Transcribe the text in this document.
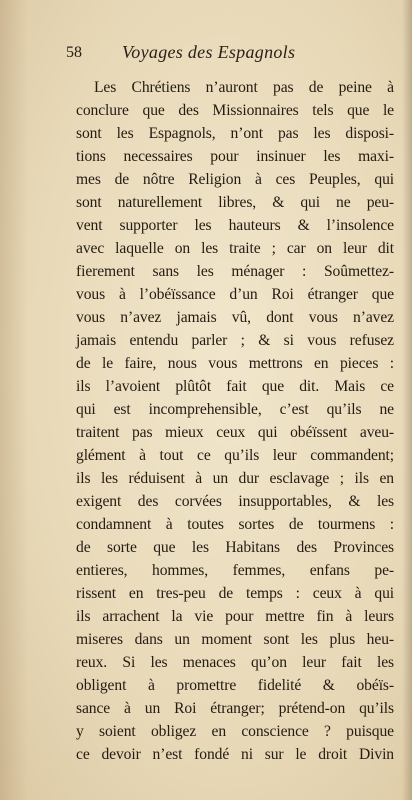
58 Voyages des Espagnols
Les Chrétiens n’auront pas de peine à
conclure que des Missionnaires tels que le
sont les Espagnols, n’ont pas les disposi-
tions necessaires pour insinuer les maxi-
mes de nôtre Religion à ces Peuples, qui
sont naturellement libres, & qui ne peu-
vent supporter les hauteurs & l’insolence
avec laquelle on les traite ; car on leur dit
fierement sans les ménager : Soûmettez-
vous à l’obéïssance d’un Roi étranger que
vous n’avez jamais vû, dont vous n’avez
jamais entendu parler ; & si vous refusez
de le faire, nous vous mettrons en pieces :
ils l’avoient plûtôt fait que dit. Mais ce
qui est incomprehensible, c’est qu’ils ne
traitent pas mieux ceux qui obéïssent aveu-
glément à tout ce qu’ils leur commandent;
ils les réduisent à un dur esclavage ; ils en
exigent des corvées insupportables, & les
condamnent à toutes sortes de tourmens :
de sorte que les Habitans des Provinces
entieres, hommes, femmes, enfans pe-
rissent en tres-peu de temps : ceux à qui
ils arrachent la vie pour mettre fin à leurs
miseres dans un moment sont les plus heu-
reux. Si les menaces qu’on leur fait les
obligent à promettre fidelité & obéïs-
sance à un Roi étranger; prétend-on qu’ils
y soient obligez en conscience ? puisque
ce devoir n’est fondé ni sur le droit Divin
